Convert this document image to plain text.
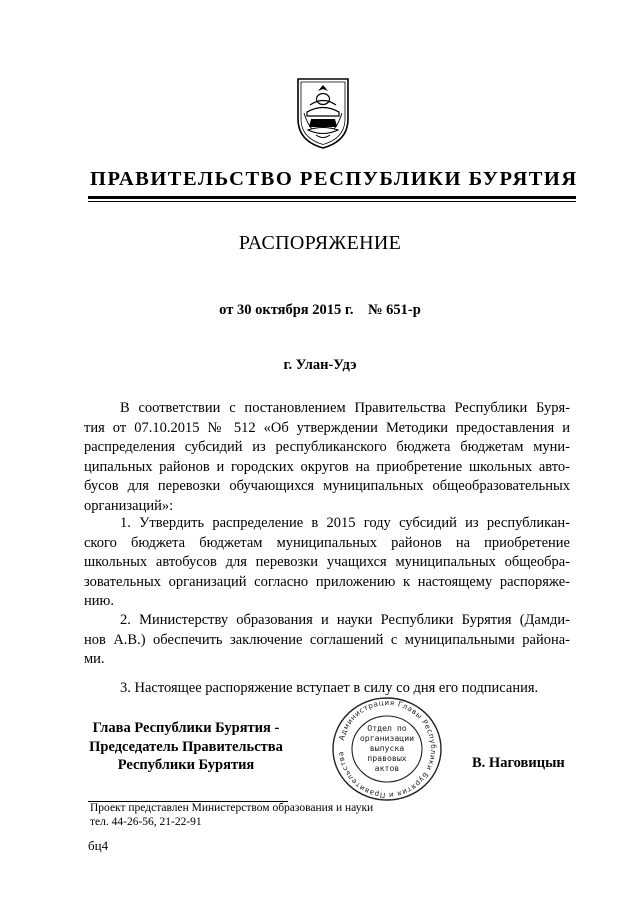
ПРАВИТЕЛЬСТВО РЕСПУБЛИКИ БУРЯТИЯ
РАСПОРЯЖЕНИЕ
от 30 октября 2015 г.    № 651-р
г. Улан-Удэ
В соответствии с постановлением Правительства Республики Буря-
тия от 07.10.2015 № 512 «Об утверждении Методики предоставления и
распределения субсидий из республиканского бюджета бюджетам муни-
ципальных районов и городских округов на приобретение школьных авто-
бусов для перевозки обучающихся муниципальных общеобразовательных
организаций»:
1. Утвердить распределение в 2015 году субсидий из республикан-
ского бюджета бюджетам муниципальных районов на приобретение
школьных автобусов для перевозки учащихся муниципальных общеобра-
зовательных организаций согласно приложению к настоящему распоряже-
нию.
2. Министерству образования и науки Республики Бурятия (Дамди-
нов А.В.) обеспечить заключение соглашений с муниципальными района-
ми.
3. Настоящее распоряжение вступает в силу со дня его подписания.
Глава Республики Бурятия -
Председатель Правительства
Республики Бурятия
Администрация Главы Республики Бурятия и Правительства
Отдел по
организации
выпуска
правовых
актов	В. Наговицын
Проект представлен Министерством образования и науки
тел. 44-26-56, 21-22-91
бц4
